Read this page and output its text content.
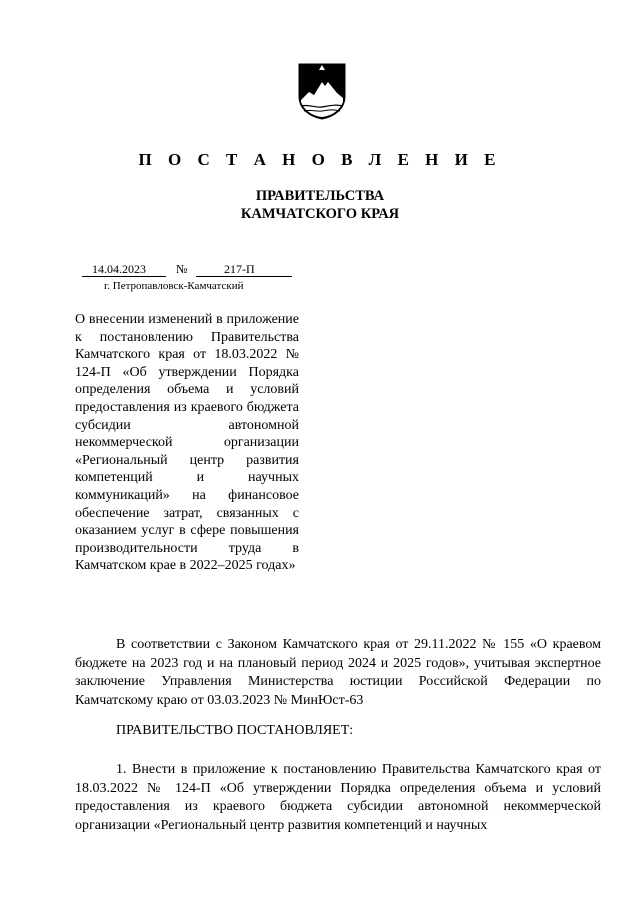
П О С Т А Н О В Л Е Н И Е
ПРАВИТЕЛЬСТВА
КАМЧАТСКОГО КРАЯ
14.04.2023	№	217-П
г. Петропавловск-Камчатский
О внесении изменений в приложение к постановлению Правительства Камчатского края от 18.03.2022 № 124-П «Об утверждении Порядка определения объема и условий предоставления из краевого бюджета субсидии автономной некоммерческой организации «Региональный центр развития компетенций и научных коммуникаций» на финансовое обеспечение затрат, связанных с оказанием услуг в сфере повышения производительности труда в Камчатском крае в 2022–2025 годах»
В соответствии с Законом Камчатского края от 29.11.2022 № 155 «О краевом бюджете на 2023 год и на плановый период 2024 и 2025 годов», учитывая экспертное заключение Управления Министерства юстиции Российской Федерации по Камчатскому краю от 03.03.2023 № МинЮст-63
ПРАВИТЕЛЬСТВО ПОСТАНОВЛЯЕТ:
1. Внести в приложение к постановлению Правительства Камчатского края от 18.03.2022 № 124-П «Об утверждении Порядка определения объема и условий предоставления из краевого бюджета субсидии автономной некоммерческой организации «Региональный центр развития компетенций и научных
